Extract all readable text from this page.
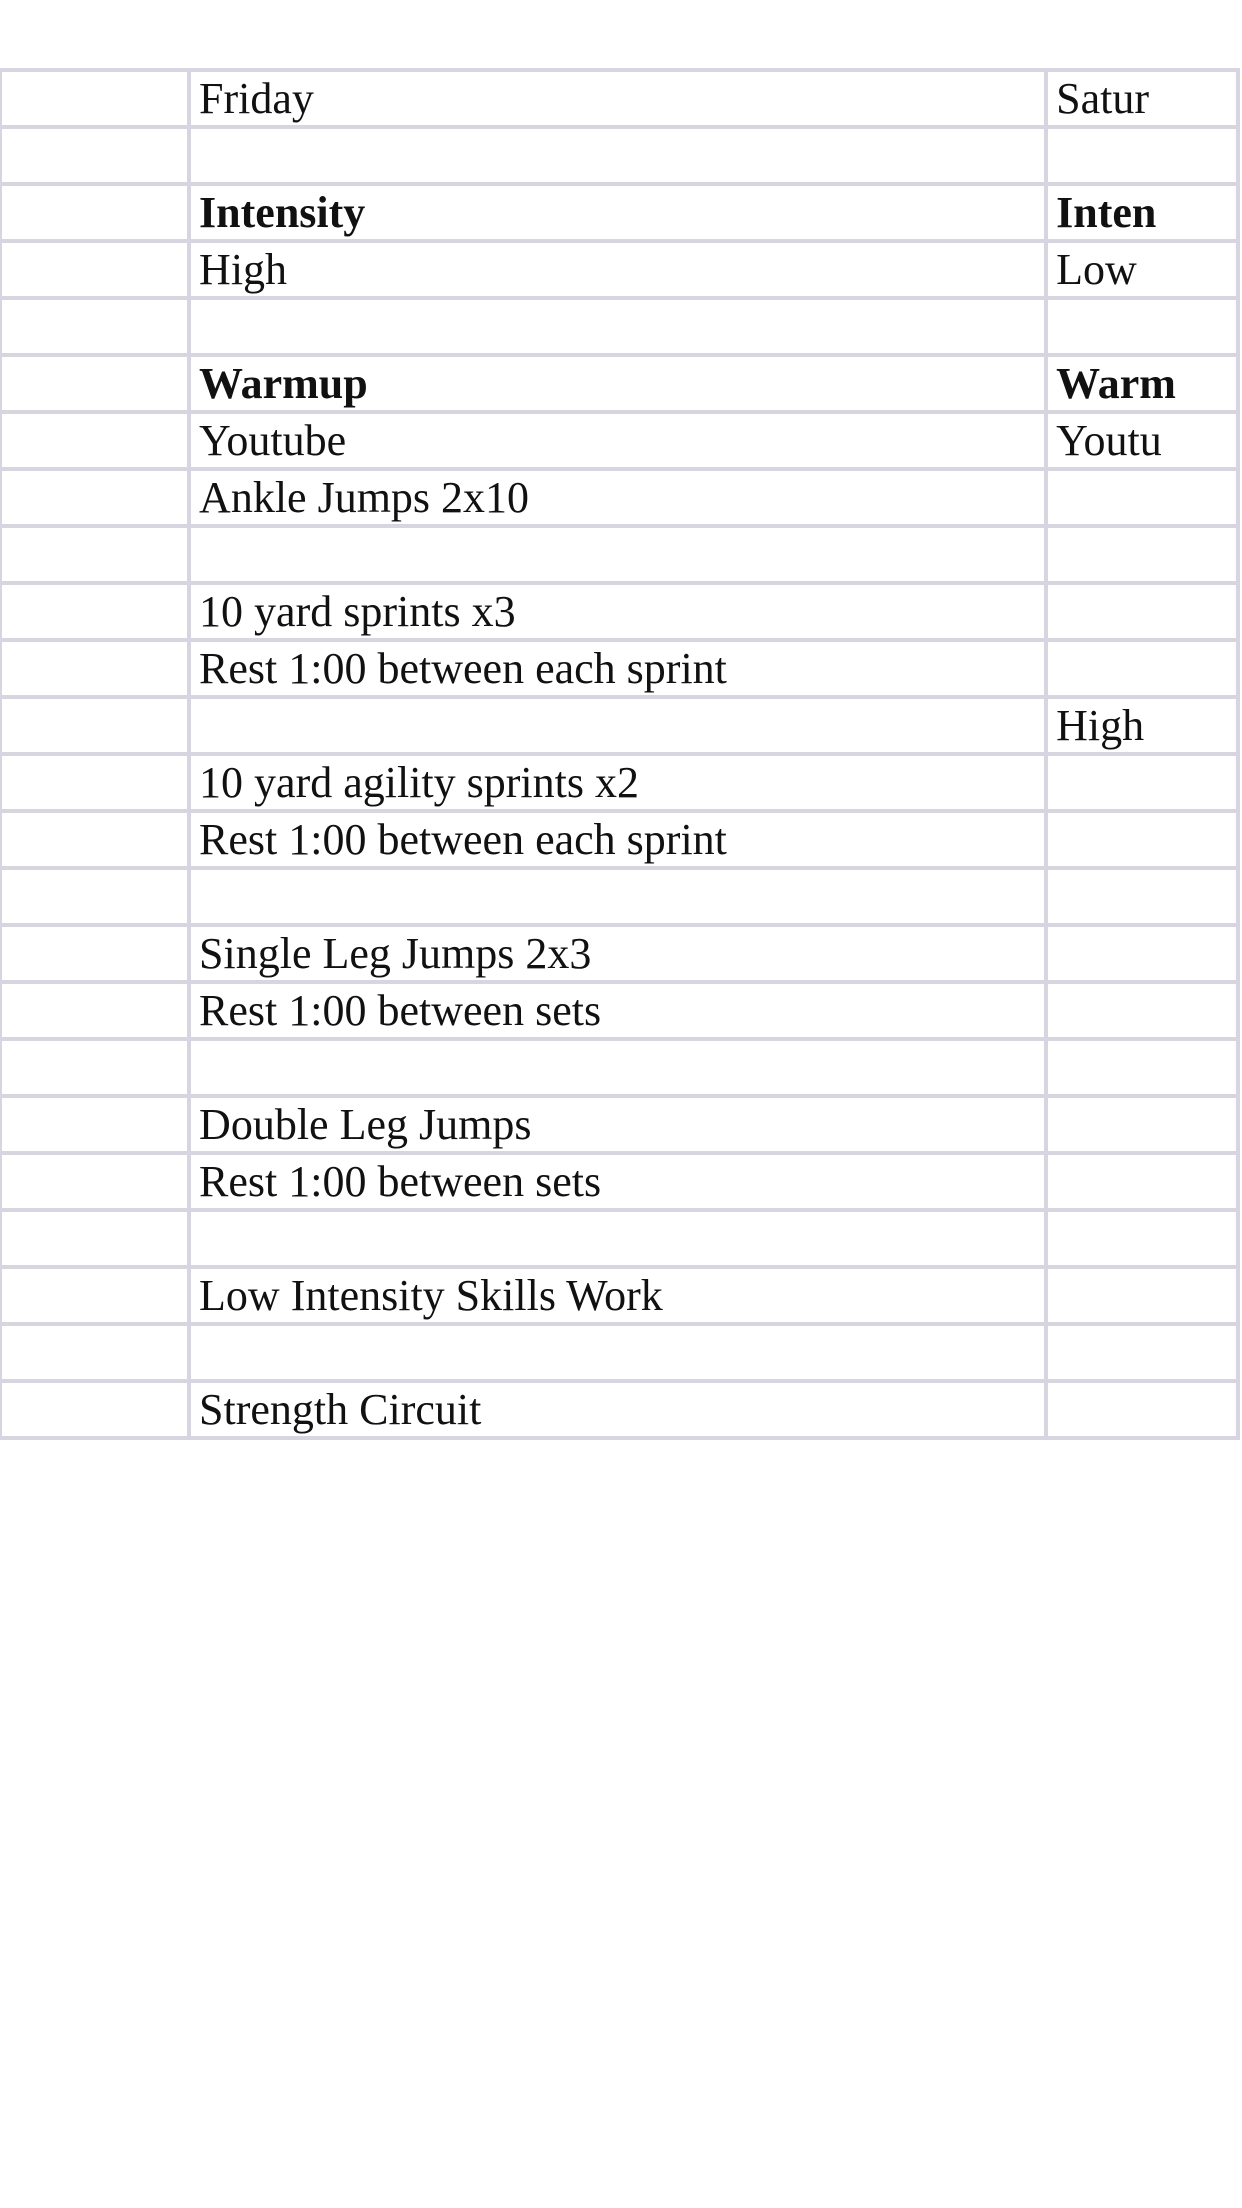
	Friday	Satur

	Intensity	Inten
	High	Low

	Warmup	Warm
	Youtube	Youtu
	Ankle Jumps 2x10	

	10 yard sprints x3	
	Rest 1:00 between each sprint	
		High
	10 yard agility sprints x2	
	Rest 1:00 between each sprint	

	Single Leg Jumps 2x3	
	Rest 1:00 between sets	

	Double Leg Jumps	
	Rest 1:00 between sets	

	Low Intensity Skills Work	

	Strength Circuit	
